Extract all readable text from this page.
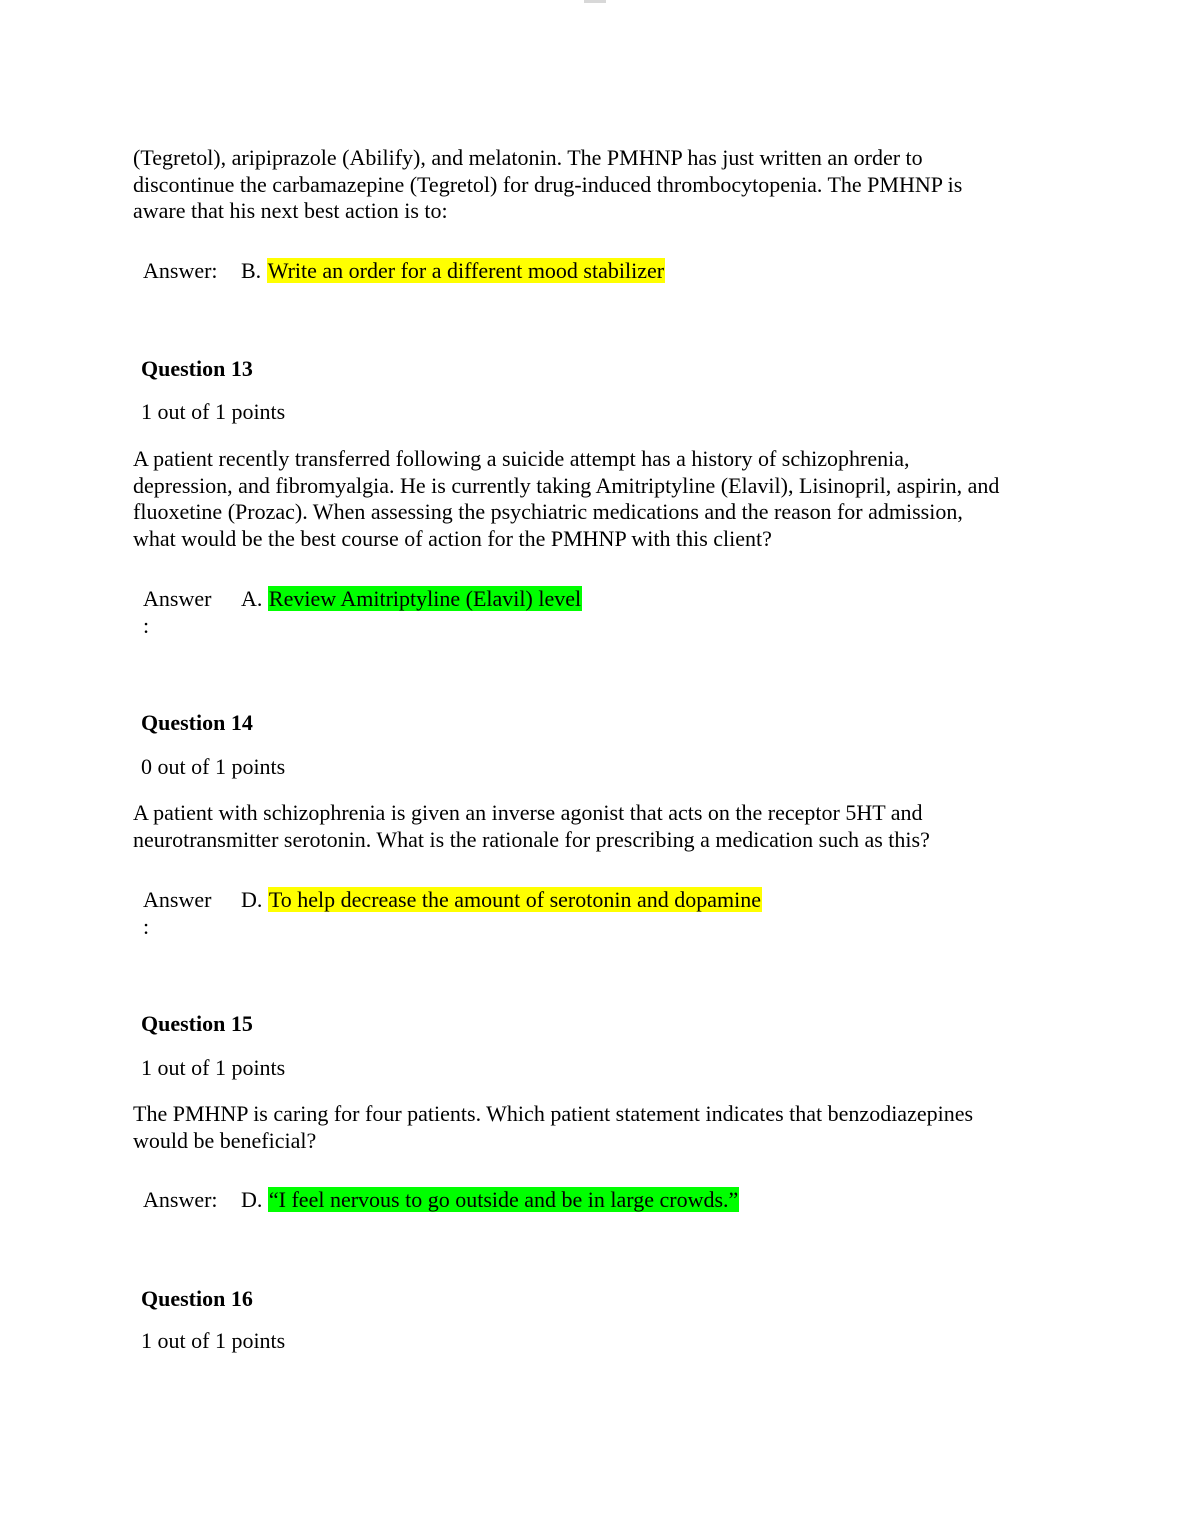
(Tegretol), aripiprazole (Abilify), and melatonin. The PMHNP has just written an order to discontinue the carbamazepine (Tegretol) for drug-induced thrombocytopenia. The PMHNP is aware that his next best action is to:

Answer:	B. Write an order for a different mood stabilizer
Question 13
1 out of 1 points

A patient recently transferred following a suicide attempt has a history of schizophrenia, depression, and fibromyalgia. He is currently taking Amitriptyline (Elavil), Lisinopril, aspirin, and fluoxetine (Prozac). When assessing the psychiatric medications and the reason for admission, what would be the best course of action for the PMHNP with this client?

Answer
:
A. Review Amitriptyline (Elavil) level
Question 14
0 out of 1 points

A patient with schizophrenia is given an inverse agonist that acts on the receptor 5HT and neurotransmitter serotonin. What is the rationale for prescribing a medication such as this?

Answer
:
D. To help decrease the amount of serotonin and dopamine
Question 15
1 out of 1 points

The PMHNP is caring for four patients. Which patient statement indicates that benzodiazepines would be beneficial?

Answer:	D. “I feel nervous to go outside and be in large crowds.”
Question 16
1 out of 1 points
